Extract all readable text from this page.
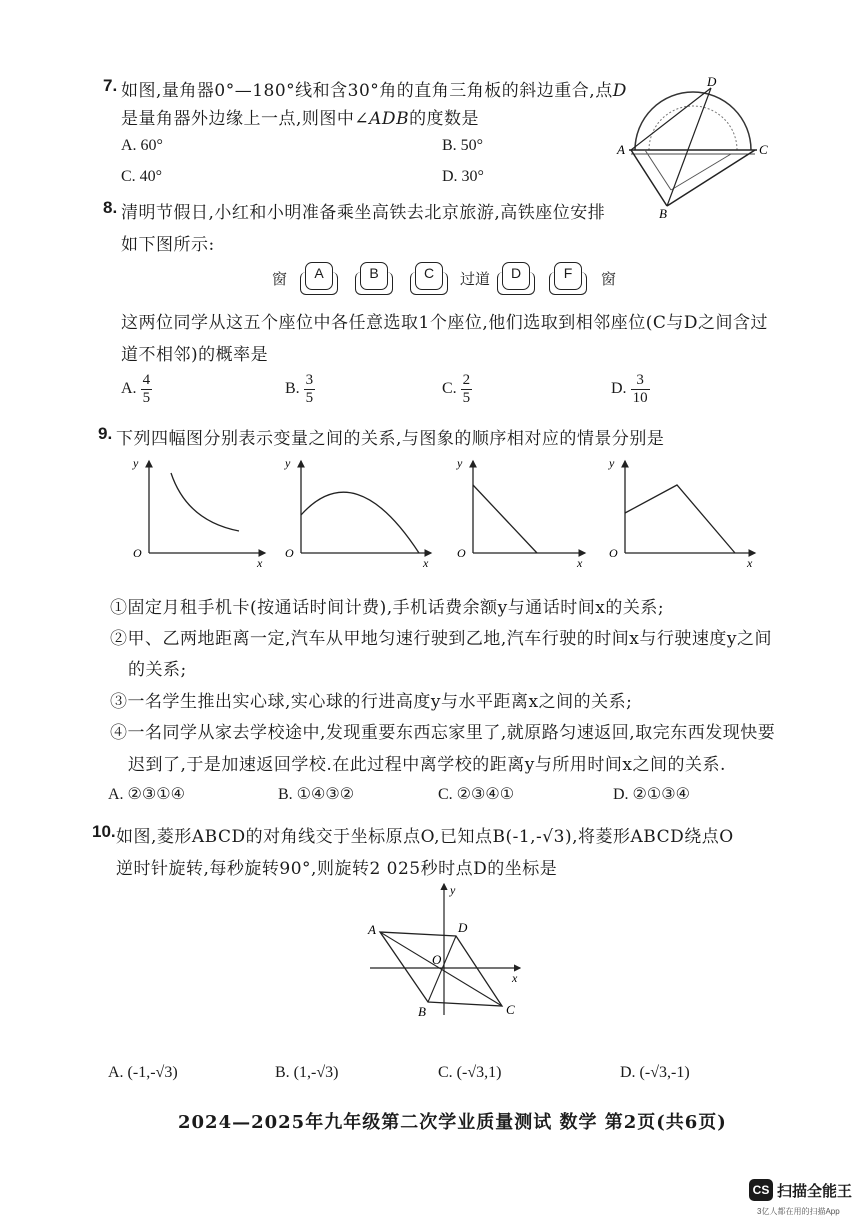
7. 如图,量角器0°—180°线和含30°角的直角三角板的斜边重合,点D
是量角器外边缘上一点,则图中∠ADB的度数是
A. 60°	B. 50°
C. 40°	D. 30°
D
A	C
B
8. 清明节假日,小红和小明准备乘坐高铁去北京旅游,高铁座位安排
如下图所示:
窗	A	B	C	过道	D	F	窗
这两位同学从这五个座位中各任意选取1个座位,他们选取到相邻座位(C与D之间含过
道不相邻)的概率是
A. $\frac{4}{5}$	B. $\frac{3}{5}$	C. $\frac{2}{5}$	D. $\frac{3}{10}$
9. 下列四幅图分别表示变量之间的关系,与图象的顺序相对应的情景分别是
y
x
O
y
x
O
y
x
O
y
x
O
①固定月租手机卡(按通话时间计费),手机话费余额y与通话时间x的关系;
②甲、乙两地距离一定,汽车从甲地匀速行驶到乙地,汽车行驶的时间x与行驶速度y之间
的关系;
③一名学生推出实心球,实心球的行进高度y与水平距离x之间的关系;
④一名同学从家去学校途中,发现重要东西忘家里了,就原路匀速返回,取完东西发现快要
迟到了,于是加速返回学校.在此过程中离学校的距离y与所用时间x之间的关系.
A. ②③①④	B. ①④③②	C. ②③④①	D. ②①③④
10. 如图,菱形ABCD的对角线交于坐标原点O,已知点B(-1,-√3),将菱形ABCD绕点O
逆时针旋转,每秒旋转90°,则旋转2 025秒时点D的坐标是
A	D
O
B	C
x
y
A. (-1,-√3)	B. (1,-√3)	C. (-√3,1)	D. (-√3,-1)
2024—2025年九年级第二次学业质量测试 数学 第2页(共6页)
CS 扫描全能王
3亿人都在用的扫描App
